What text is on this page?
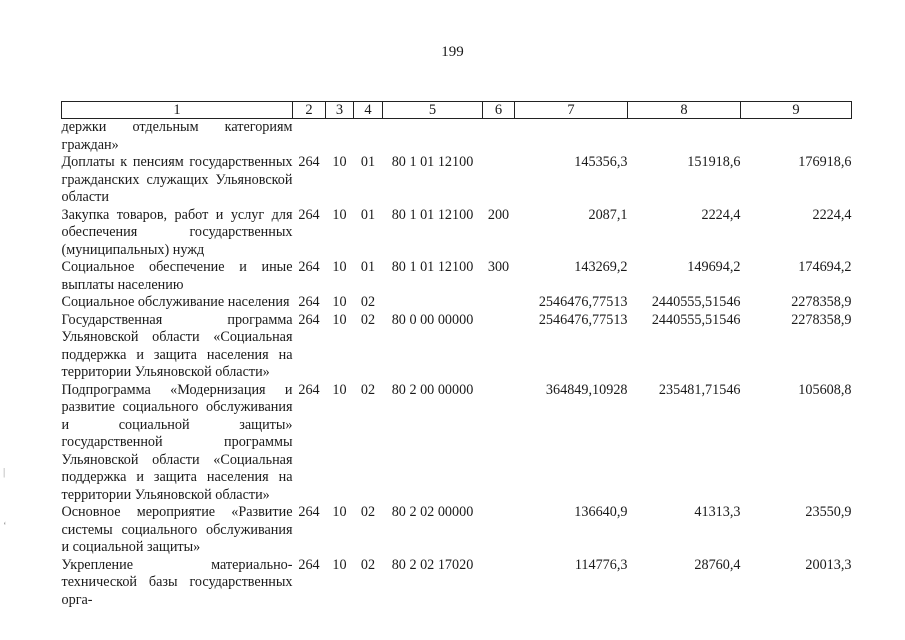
199
|
ʻ
1	2	3	4	5	6	7	8	9
держки отдельным категориям граждан»								
Доплаты к пенсиям государственных гражданских служащих Ульяновской области	264	10	01	80 1 01 12100		145356,3	151918,6	176918,6
Закупка товаров, работ и услуг для обеспечения государственных (муниципальных) нужд	264	10	01	80 1 01 12100	200	2087,1	2224,4	2224,4
Социальное обеспечение и иные выплаты населению	264	10	01	80 1 01 12100	300	143269,2	149694,2	174694,2
Социальное обслуживание населения	264	10	02			2546476,77513	2440555,51546	2278358,9
Государственная программа Ульяновской области «Социальная поддержка и защита населения на территории Ульяновской области»	264	10	02	80 0 00 00000		2546476,77513	2440555,51546	2278358,9
Подпрограмма «Модернизация и развитие социального обслуживания и социальной защиты» государственной программы Ульяновской области «Социальная поддержка и защита населения на территории Ульяновской области»	264	10	02	80 2 00 00000		364849,10928	235481,71546	105608,8
Основное мероприятие «Развитие системы социального обслуживания и социальной защиты»	264	10	02	80 2 02 00000		136640,9	41313,3	23550,9
Укрепление материально-технической базы государственных орга-	264	10	02	80 2 02 17020		114776,3	28760,4	20013,3
